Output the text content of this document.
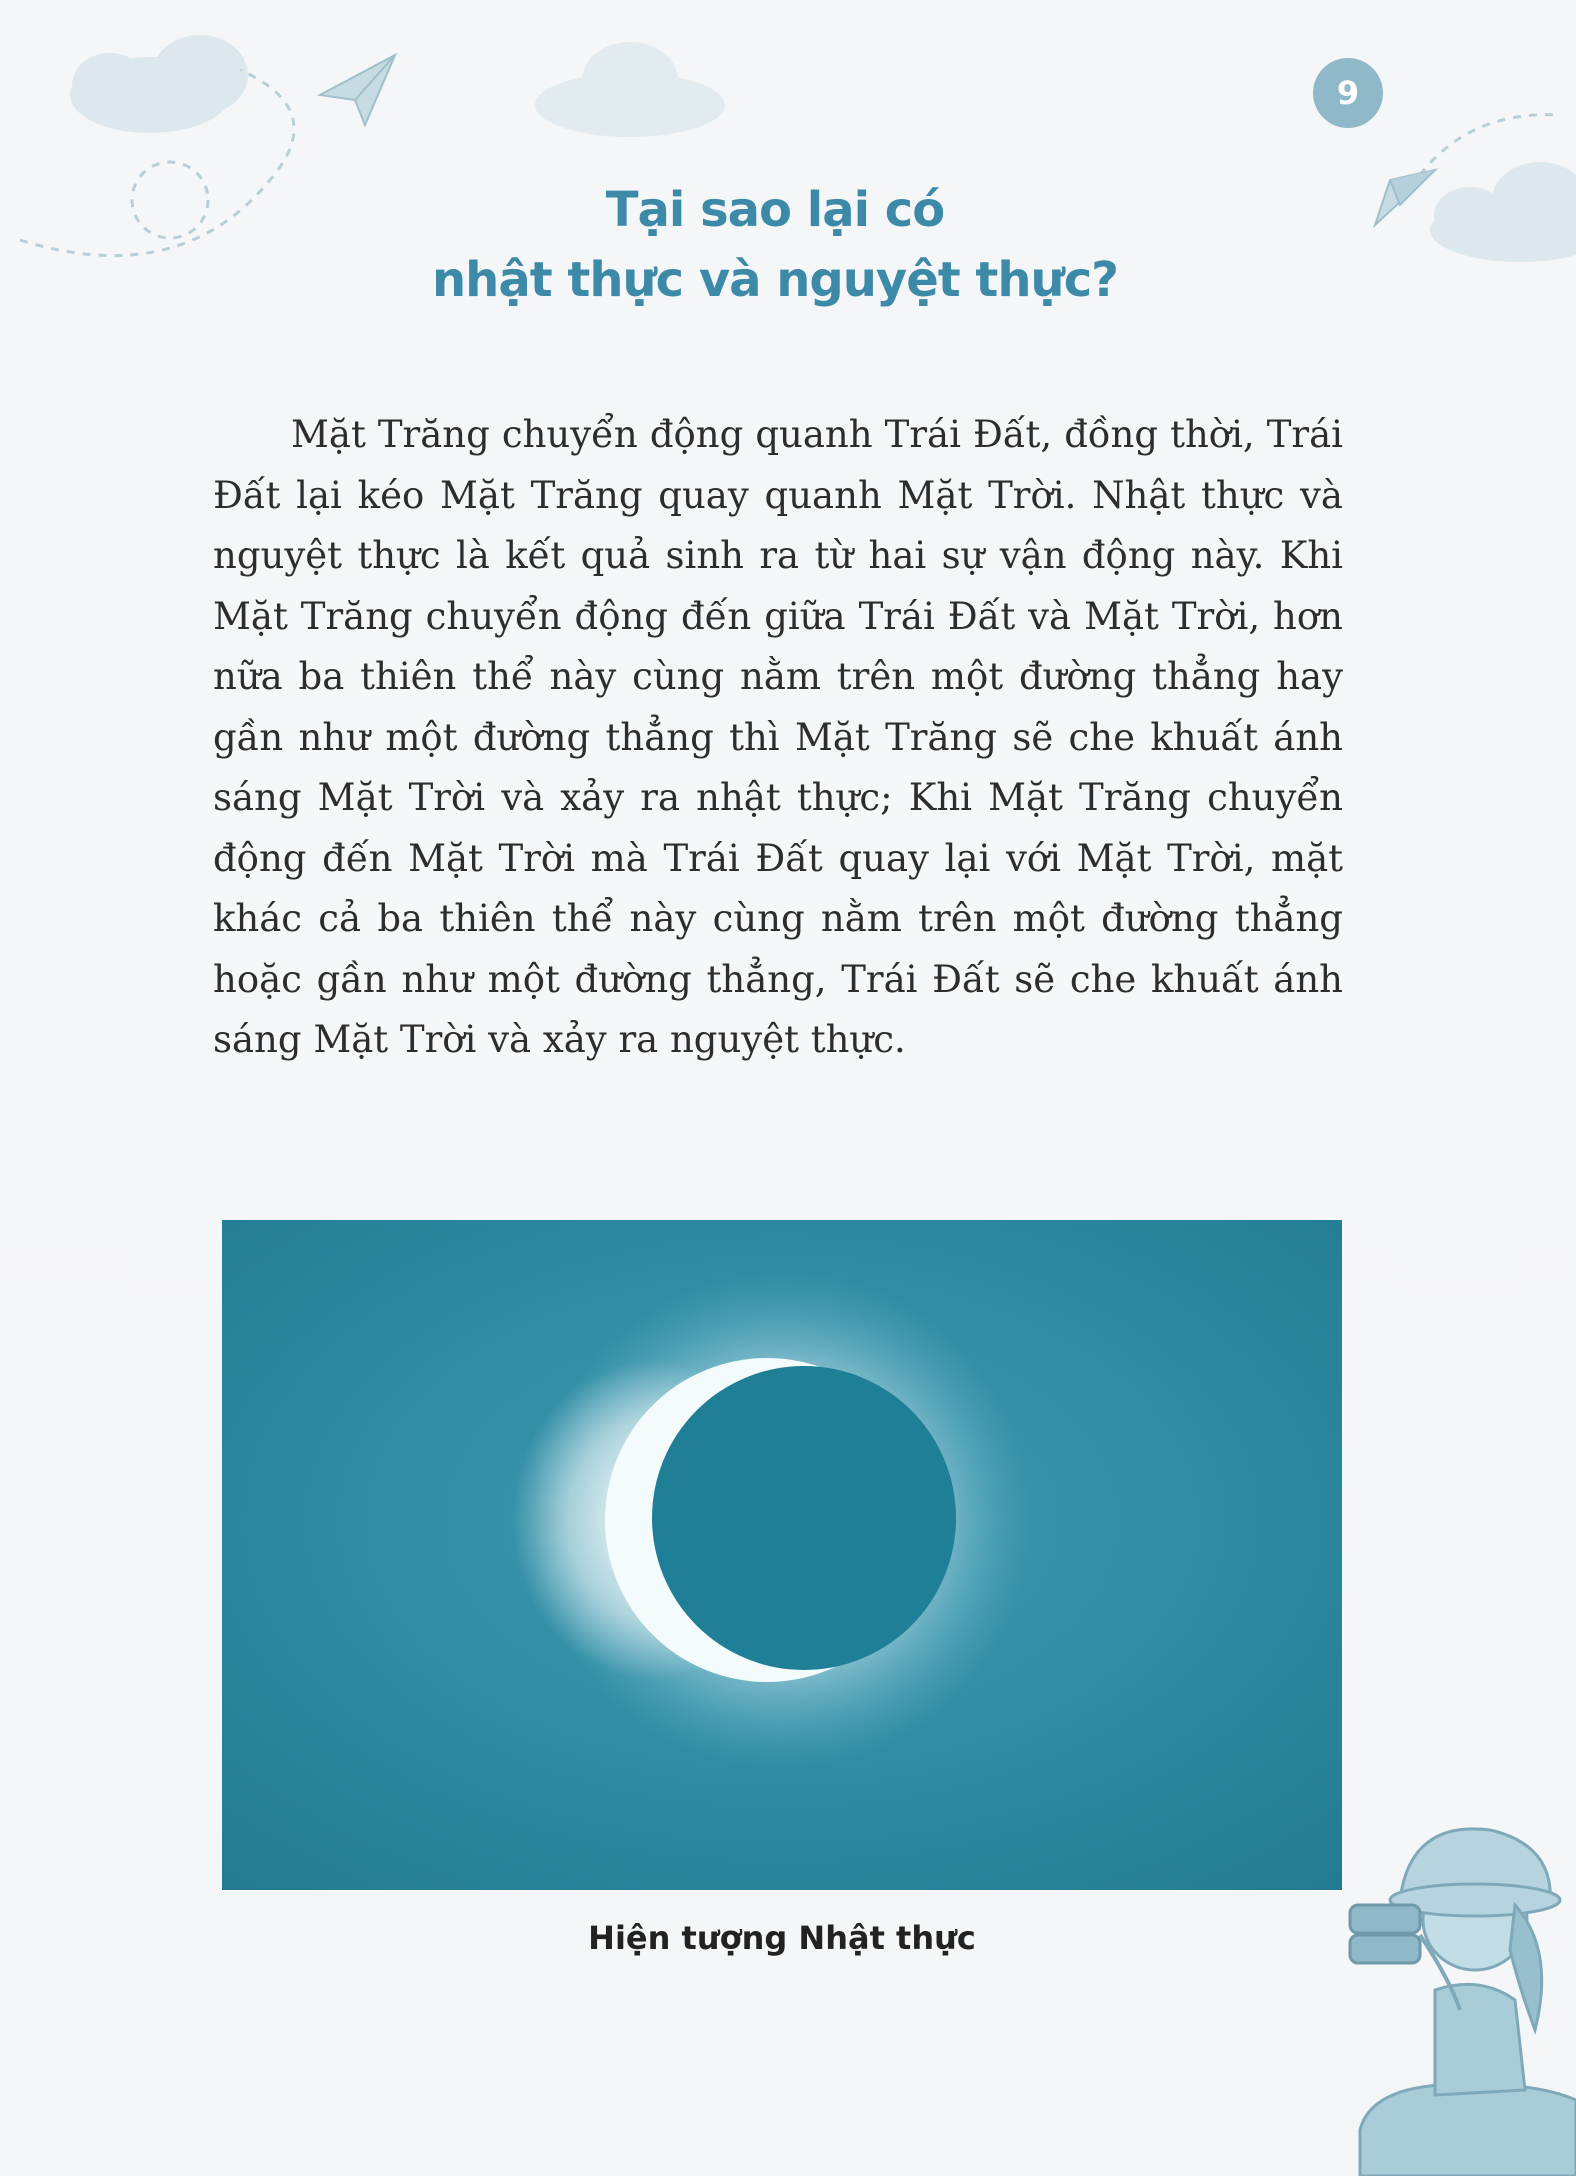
9
Tại sao lại có
nhật thực và nguyệt thực?

Mặt Trăng chuyển động quanh Trái Đất, đồng thời, Trái Đất lại kéo Mặt Trăng quay quanh Mặt Trời. Nhật thực và nguyệt thực là kết quả sinh ra từ hai sự vận động này. Khi Mặt Trăng chuyển động đến giữa Trái Đất và Mặt Trời, hơn nữa ba thiên thể này cùng nằm trên một đường thẳng hay gần như một đường thẳng thì Mặt Trăng sẽ che khuất ánh sáng Mặt Trời và xảy ra nhật thực; Khi Mặt Trăng chuyển động đến Mặt Trời mà Trái Đất quay lại với Mặt Trời, mặt khác cả ba thiên thể này cùng nằm trên một đường thẳng hoặc gần như một đường thẳng, Trái Đất sẽ che khuất ánh sáng Mặt Trời và xảy ra nguyệt thực.

Hiện tượng Nhật thực
